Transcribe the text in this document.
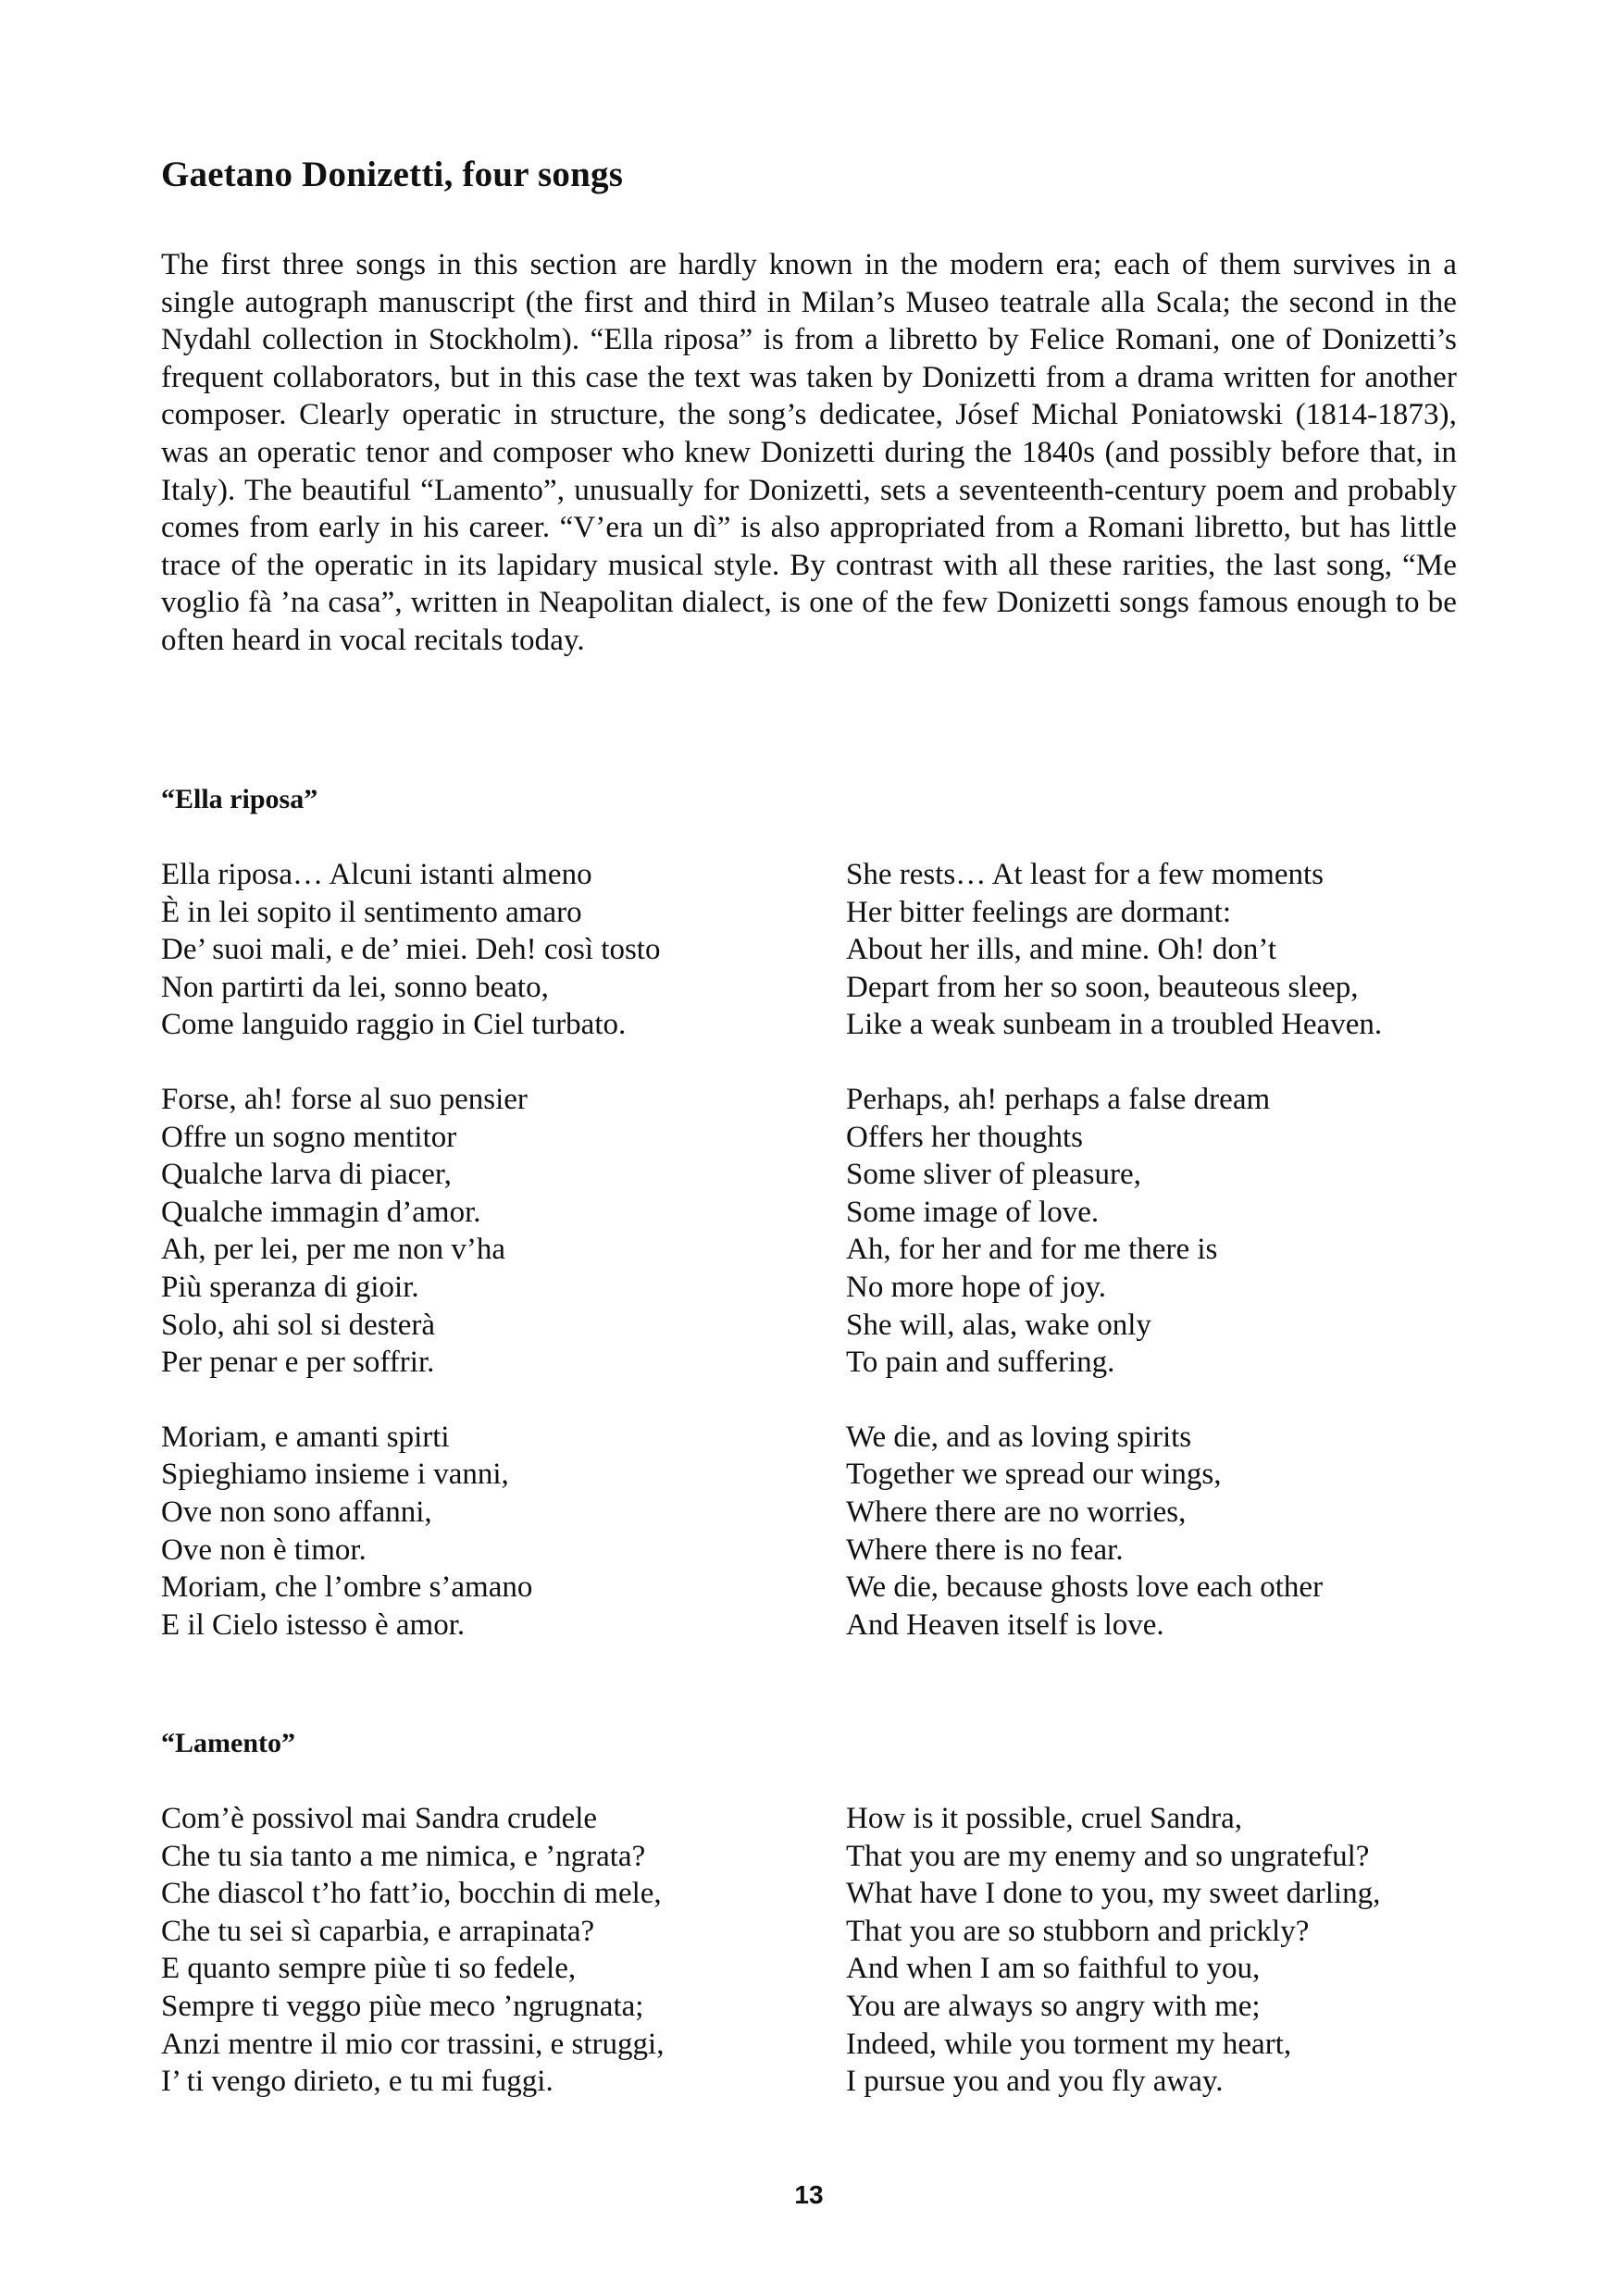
Gaetano Donizetti, four songs

The first three songs in this section are hardly known in the modern era; each of them survives in a single autograph manuscript (the first and third in Milan’s Museo teatrale alla Scala; the second in the Nydahl collection in Stockholm). “Ella riposa” is from a libretto by Felice Romani, one of Donizetti’s frequent collaborators, but in this case the text was taken by Donizetti from a drama written for another composer. Clearly operatic in structure, the song’s dedicatee, Jósef Michal Poniatowski (1814-1873), was an operatic tenor and composer who knew Donizetti during the 1840s (and possibly before that, in Italy). The beautiful “Lamento”, unusually for Donizetti, sets a seventeenth-century poem and probably comes from early in his career. “V’era un dì” is also appropriated from a Romani libretto, but has little trace of the operatic in its lapidary musical style. By contrast with all these rarities, the last song, “Me voglio fà ’na casa”, written in Neapolitan dialect, is one of the few Donizetti songs famous enough to be often heard in vocal recitals today.

“Ella riposa”
Ella riposa… Alcuni istanti almeno
È in lei sopito il sentimento amaro
De’ suoi mali, e de’ miei. Deh! così tosto
Non partirti da lei, sonno beato,
Come languido raggio in Ciel turbato.
Forse, ah! forse al suo pensier
Offre un sogno mentitor
Qualche larva di piacer,
Qualche immagin d’amor.
Ah, per lei, per me non v’ha
Più speranza di gioir.
Solo, ahi sol si desterà
Per penar e per soffrir.
Moriam, e amanti spirti
Spieghiamo insieme i vanni,
Ove non sono affanni,
Ove non è timor.
Moriam, che l’ombre s’amano
E il Cielo istesso è amor.
She rests… At least for a few moments
Her bitter feelings are dormant:
About her ills, and mine. Oh! don’t
Depart from her so soon, beauteous sleep,
Like a weak sunbeam in a troubled Heaven.
Perhaps, ah! perhaps a false dream
Offers her thoughts
Some sliver of pleasure,
Some image of love.
Ah, for her and for me there is
No more hope of joy.
She will, alas, wake only
To pain and suffering.
We die, and as loving spirits
Together we spread our wings,
Where there are no worries,
Where there is no fear.
We die, because ghosts love each other
And Heaven itself is love.
“Lamento”
Com’è possivol mai Sandra crudele
Che tu sia tanto a me nimica, e ’ngrata?
Che diascol t’ho fatt’io, bocchin di mele,
Che tu sei sì caparbia, e arrapinata?
E quanto sempre piùe ti so fedele,
Sempre ti veggo piùe meco ’ngrugnata;
Anzi mentre il mio cor trassini, e struggi,
I’ ti vengo dirieto, e tu mi fuggi.
How is it possible, cruel Sandra,
That you are my enemy and so ungrateful?
What have I done to you, my sweet darling,
That you are so stubborn and prickly?
And when I am so faithful to you,
You are always so angry with me;
Indeed, while you torment my heart,
I pursue you and you fly away.
13
